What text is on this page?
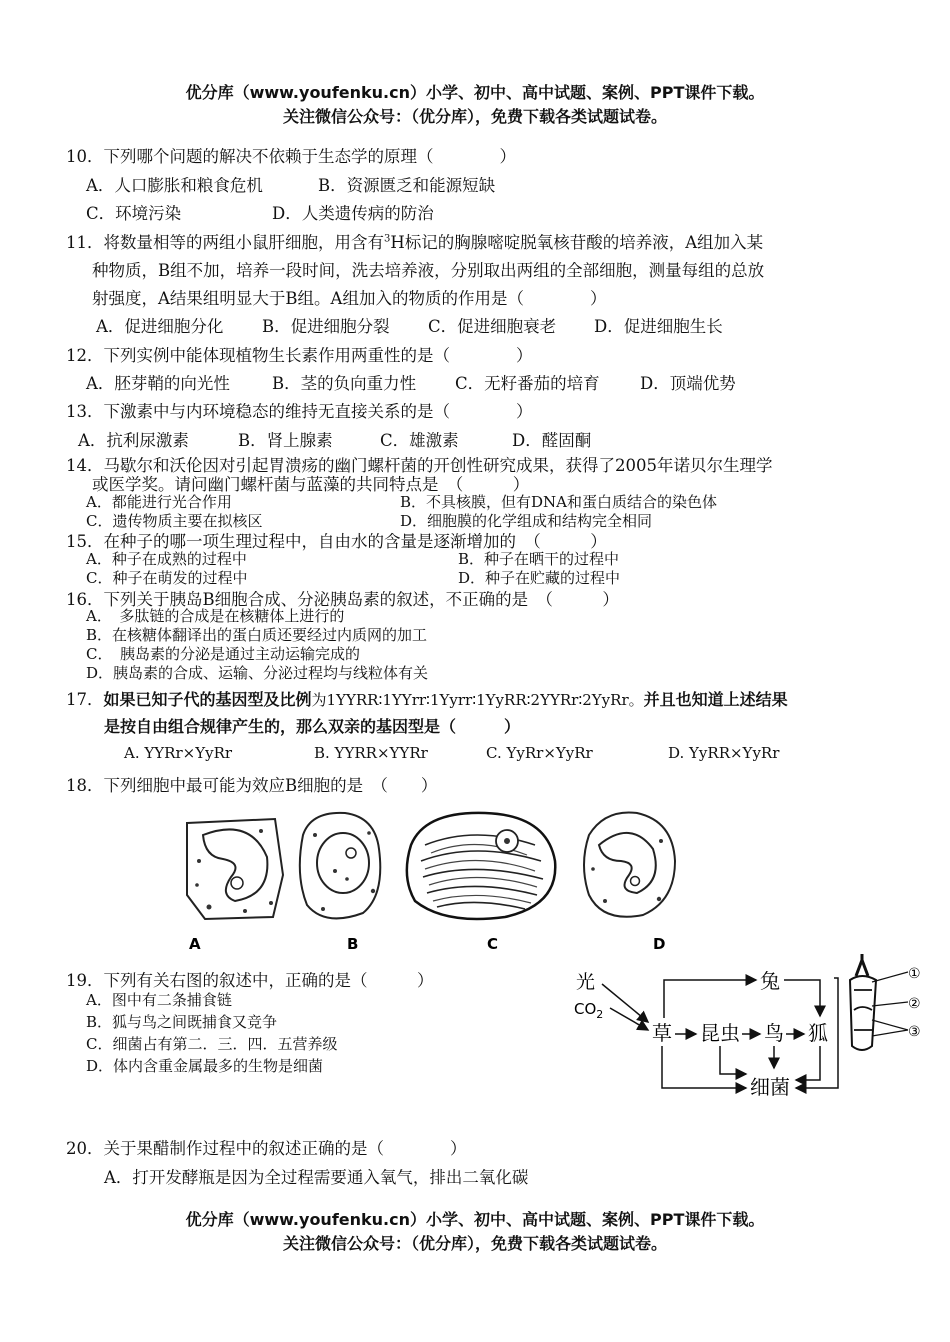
优分库（www.youfenku.cn）小学、初中、高中试题、案例、PPT课件下载。
关注微信公众号：（优分库），免费下载各类试题试卷。
10．下列哪个问题的解决不依赖于生态学的原理（　　　　）
A．人口膨胀和粮食危机	B．资源匮乏和能源短缺
C．环境污染	D．人类遗传病的防治
11．将数量相等的两组小鼠肝细胞，用含有$^3$H标记的胸腺嘧啶脱氧核苷酸的培养液，A组加入某
种物质，B组不加，培养一段时间，洗去培养液，分别取出两组的全部细胞，测量每组的总放
射强度，A结果组明显大于B组。A组加入的物质的作用是（　　　　）
A．促进细胞分化 B．促进细胞分裂 C．促进细胞衰老 D．促进细胞生长
12．下列实例中能体现植物生长素作用两重性的是（　　　　）
A．胚芽鞘的向光性	B．茎的负向重力性 C．无籽番茄的培育 D．顶端优势
13．下激素中与内环境稳态的维持无直接关系的是（　　　　）
A．抗利尿激素	B．肾上腺素	C．雄激素	D．醛固酮
14．马歇尔和沃伦因对引起胃溃疡的幽门螺杆菌的开创性研究成果，获得了2005年诺贝尔生理学
或医学奖。请问幽门螺杆菌与蓝藻的共同特点是　（　　　）
A．都能进行光合作用	B．不具核膜，但有DNA和蛋白质结合的染色体
C．遗传物质主要在拟核区	D．细胞膜的化学组成和结构完全相同
15．在种子的哪一项生理过程中，自由水的含量是逐渐增加的　（　　　）
A．种子在成熟的过程中	B．种子在晒干的过程中
C．种子在萌发的过程中	D．种子在贮藏的过程中
16．下列关于胰岛B细胞合成、分泌胰岛素的叙述，不正确的是　（　　　）
A．　多肽链的合成是在核糖体上进行的
B．在核糖体翻译出的蛋白质还要经过内质网的加工
C．　胰岛素的分泌是通过主动运输完成的
D．胰岛素的合成、运输、分泌过程均与线粒体有关
17．如果已知子代的基因型及比例为1YYRR∶1YYrr∶1Yyrr∶1YyRR∶2YYRr∶2YyRr。并且也知道上述结果
是按自由组合规律产生的，那么双亲的基因型是（　　　）
A. YYRr×YyRr	B. YYRR×YYRr	C. YyRr×YyRr	D. YyRR×YyRr
18．下列细胞中最可能为效应B细胞的是　（　　）
A	B	C	D
19．下列有关右图的叙述中，正确的是（　　　）
A．图中有二条捕食链
B．狐与鸟之间既捕食又竞争
C．细菌占有第二．三．四．五营养级
D．体内含重金属最多的生物是细菌
光
$CO_2$
草 昆虫 鸟 狐
兔
细菌
①
②
③
20．关于果醋制作过程中的叙述正确的是（　　　　）
A．打开发酵瓶是因为全过程需要通入氧气，排出二氧化碳
优分库（www.youfenku.cn）小学、初中、高中试题、案例、PPT课件下载。
关注微信公众号：（优分库），免费下载各类试题试卷。
